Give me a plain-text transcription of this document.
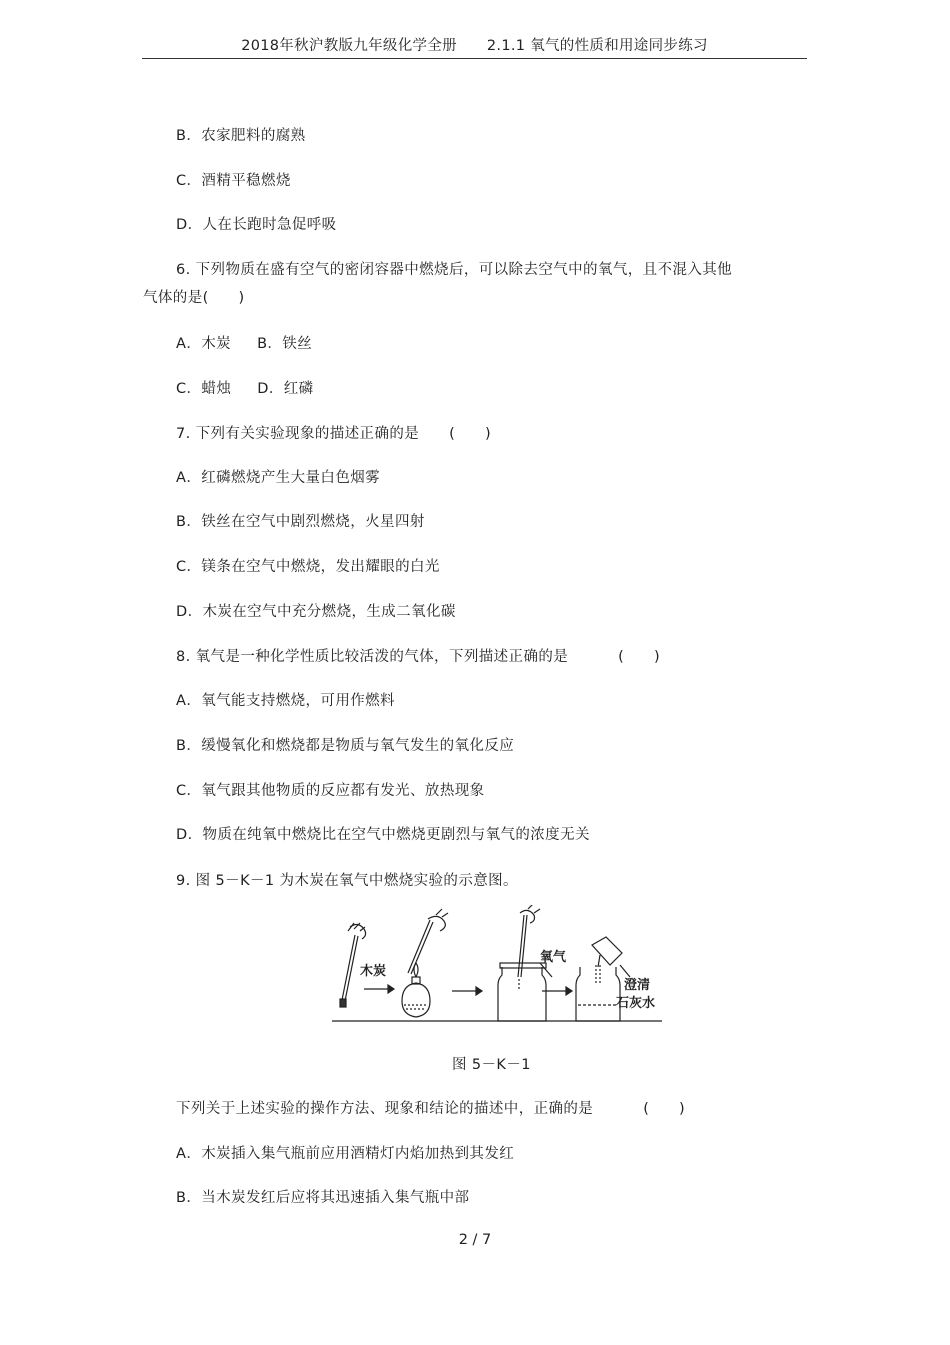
2018年秋沪教版九年级化学全册 2.1.1 氧气的性质和用途同步练习
B．农家肥料的腐熟
C．酒精平稳燃烧
D．人在长跑时急促呼吸
6. 下列物质在盛有空气的密闭容器中燃烧后，可以除去空气中的氧气，且不混入其他
气体的是(　　)
A．木炭 B．铁丝
C．蜡烛 D．红磷
7. 下列有关实验现象的描述正确的是 (　　)
A．红磷燃烧产生大量白色烟雾
B．铁丝在空气中剧烈燃烧，火星四射
C．镁条在空气中燃烧，发出耀眼的白光
D．木炭在空气中充分燃烧，生成二氧化碳
8. 氧气是一种化学性质比较活泼的气体，下列描述正确的是	(　　)
A．氧气能支持燃烧，可用作燃料
B．缓慢氧化和燃烧都是物质与氧气发生的氧化反应
C．氧气跟其他物质的反应都有发光、放热现象
D．物质在纯氧中燃烧比在空气中燃烧更剧烈与氧气的浓度无关
9. 图 5－K－1 为木炭在氧气中燃烧实验的示意图。
木炭
氧气
澄清
石灰水
图 5－K－1
下列关于上述实验的操作方法、现象和结论的描述中，正确的是	(　　)
A．木炭插入集气瓶前应用酒精灯内焰加热到其发红
B．当木炭发红后应将其迅速插入集气瓶中部
2 / 7
